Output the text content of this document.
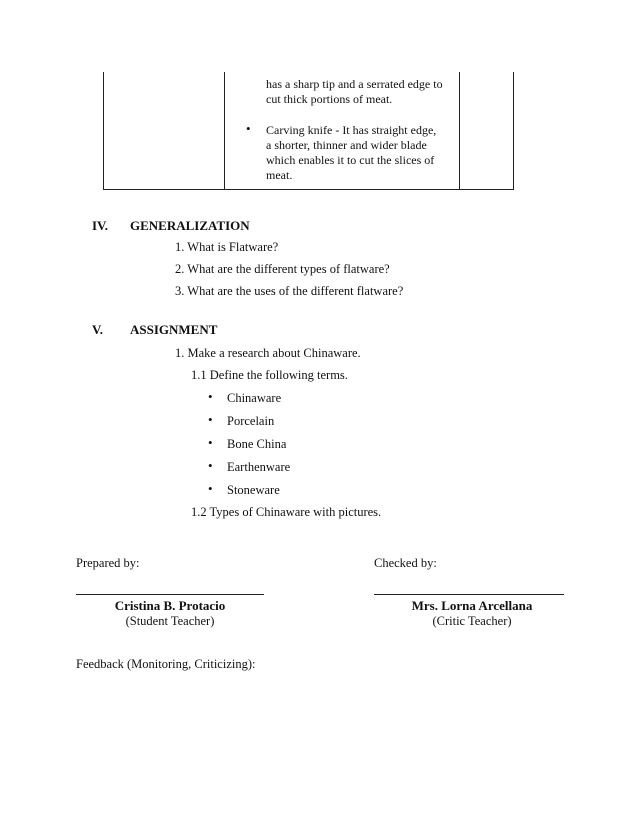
has a sharp tip and a serrated edge to
cut thick portions of meat.
• Carving knife - It has straight edge,
a shorter, thinner and wider blade
which enables it to cut the slices of
meat.
IV. GENERALIZATION
1. What is Flatware?
2. What are the different types of flatware?
3. What are the uses of the different flatware?
V. ASSIGNMENT
1. Make a research about Chinaware.
1.1 Define the following terms.
• Chinaware
• Porcelain
• Bone China
• Earthenware
• Stoneware
1.2 Types of Chinaware with pictures.
Prepared by:	Checked by:
Cristina B. Protacio
(Student Teacher)
Mrs. Lorna Arcellana
(Critic Teacher)
Feedback (Monitoring, Criticizing):
